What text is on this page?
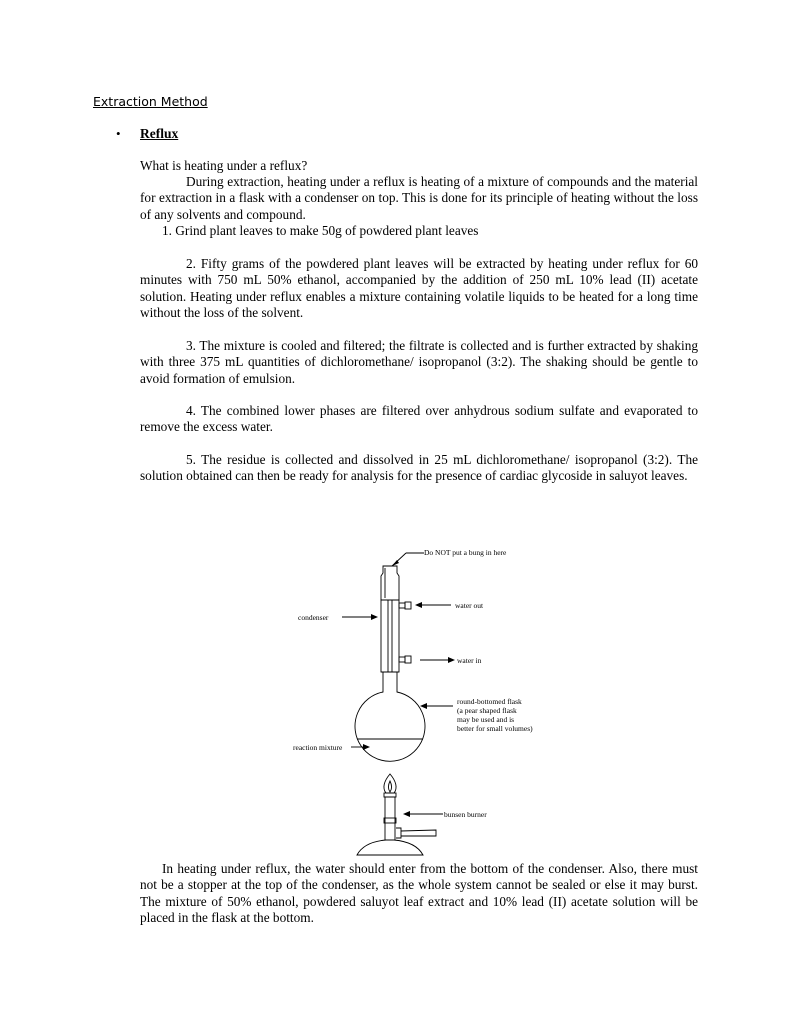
Extraction Method
• Reflux
What is heating under a reflux?
During extraction, heating under a reflux is heating of a mixture of compounds and the material for extraction in a flask with a condenser on top. This is done for its principle of heating without the loss of any solvents and compound.
1. Grind plant leaves to make 50g of powdered plant leaves
2. Fifty grams of the powdered plant leaves will be extracted by heating under reflux for 60 minutes with 750 mL 50% ethanol, accompanied by the addition of 250 mL 10% lead (II) acetate solution. Heating under reflux enables a mixture containing volatile liquids to be heated for a long time without the loss of the solvent.
3. The mixture is cooled and filtered; the filtrate is collected and is further extracted by shaking with three 375 mL quantities of dichloromethane/ isopropanol (3:2). The shaking should be gentle to avoid formation of emulsion.
4. The combined lower phases are filtered over anhydrous sodium sulfate and evaporated to remove the excess water.
5. The residue is collected and dissolved in 25 mL dichloromethane/ isopropanol (3:2). The solution obtained can then be ready for analysis for the presence of cardiac glycoside in saluyot leaves.
Do NOT put a bung in here
condenser
water out
water in
round-bottomed flask
(a pear shaped flask
may be used and is
better for small volumes)
reaction mixture
bunsen burner
In heating under reflux, the water should enter from the bottom of the condenser. Also, there must not be a stopper at the top of the condenser, as the whole system cannot be sealed or else it may burst. The mixture of 50% ethanol, powdered saluyot leaf extract and 10% lead (II) acetate solution will be placed in the flask at the bottom.
